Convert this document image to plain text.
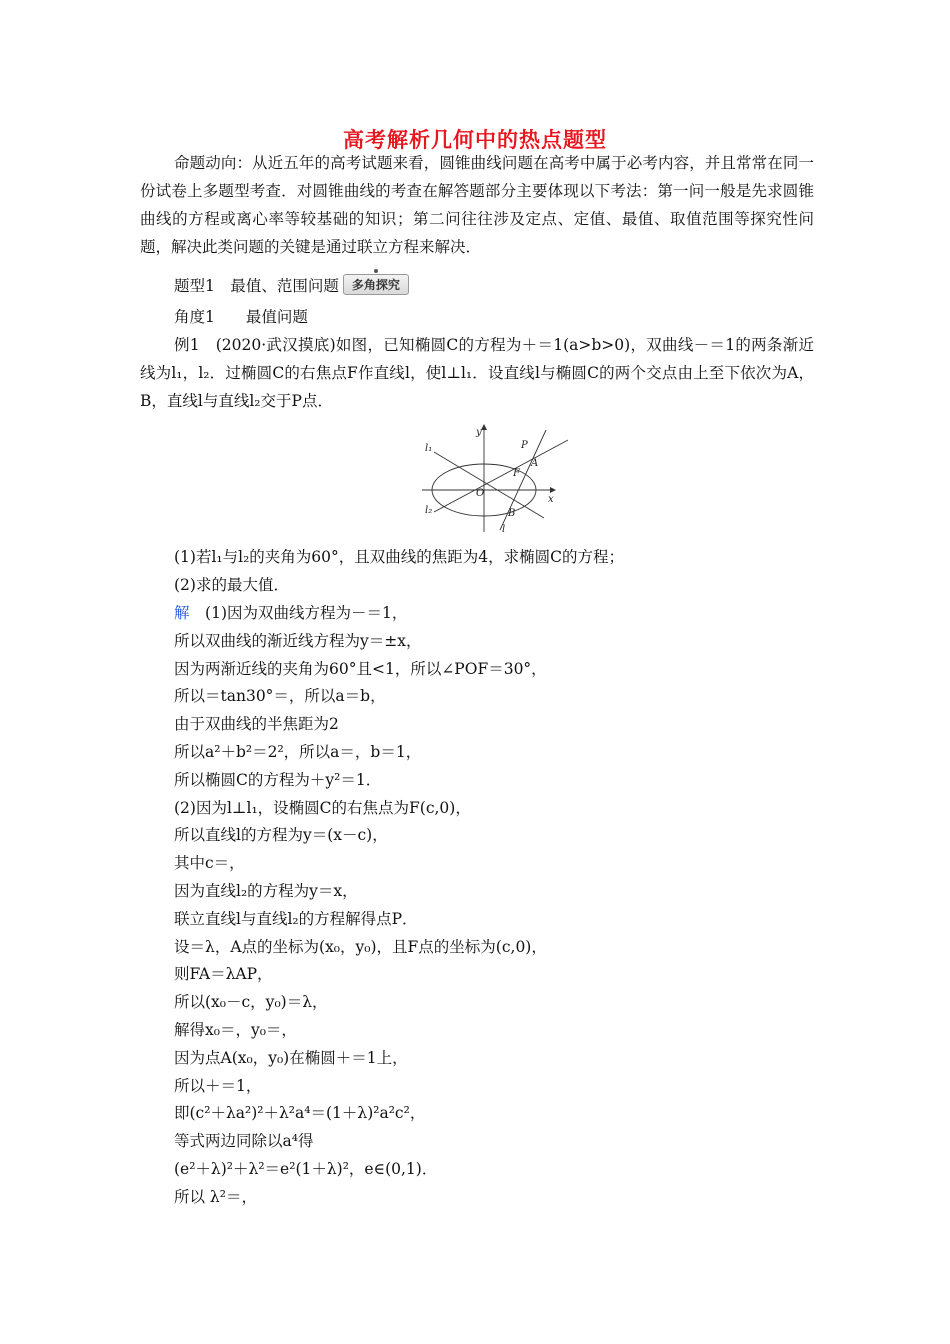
高考解析几何中的热点题型

命题动向：从近五年的高考试题来看，圆锥曲线问题在高考中属于必考内容，并且常常在同一份试卷上多题型考查．对圆锥曲线的考查在解答题部分主要体现以下考法：第一问一般是先求圆锥曲线的方程或离心率等较基础的知识；第二问往往涉及定点、定值、最值、取值范围等探究性问题，解决此类问题的关键是通过联立方程来解决．

题型1　最值、范围问题 多角探究
角度1　　最值问题

例1　(2020·武汉摸底)如图，已知椭圆C的方程为＋＝1(a>b>0)，双曲线－＝1的两条渐近线为l₁，l₂．过椭圆C的右焦点F作直线l，使l⊥l₁．设直线l与椭圆C的两个交点由上至下依次为A，B，直线l与直线l₂交于P点．

y
x
O
P
A
F
B
l
l₁
l₂

(1)若l₁与l₂的夹角为60°，且双曲线的焦距为4，求椭圆C的方程；

(2)求的最大值．

解　 (1)因为双曲线方程为－＝1，

所以双曲线的渐近线方程为y＝±x，

因为两渐近线的夹角为60°且<1，所以∠POF＝30°，

所以＝tan30°＝，所以a＝b，

由于双曲线的半焦距为2

所以a²＋b²＝2²，所以a＝，b＝1，

所以椭圆C的方程为＋y²＝1．

(2)因为l⊥l₁，设椭圆C的右焦点为F(c,0)，

所以直线l的方程为y＝(x－c)，

其中c＝，

因为直线l₂的方程为y＝x，

联立直线l与直线l₂的方程解得点P．

设＝λ，A点的坐标为(x₀，y₀)，且F点的坐标为(c,0)，

则FA＝λAP，

所以(x₀－c，y₀)＝λ，

解得x₀＝，y₀＝，

因为点A(x₀，y₀)在椭圆＋＝1上，

所以＋＝1，

即(c²＋λa²)²＋λ²a⁴＝(1＋λ)²a²c²，

等式两边同除以a⁴得

(e²＋λ)²＋λ²＝e²(1＋λ)²，e∈(0,1)．

所以 λ²＝，
